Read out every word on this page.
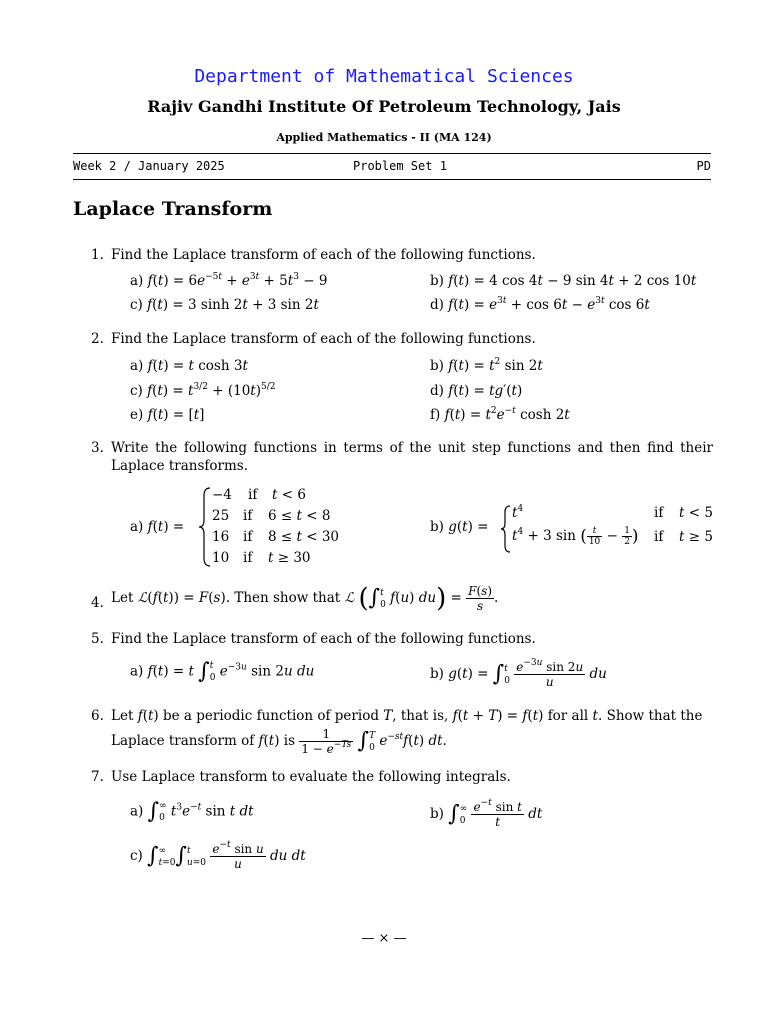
Department of Mathematical Sciences
Rajiv Gandhi Institute Of Petroleum Technology, Jais
Applied Mathematics - II (MA 124)
Week 2 / January 2025	Problem Set 1	PD
Laplace Transform
1. Find the Laplace transform of each of the following functions.
a) $f(t) = 6e^{-5t} + e^{3t} + 5t^3 - 9$	b) f(t) = 4 cos 4t − 9 sin 4t + 2 cos 10t
c) f(t) = 3 sinh 2t + 3 sin 2t	d) $f(t) = e^{3t} + \cos 6t - e^{3t}$ cos 6t
2. Find the Laplace transform of each of the following functions.
a) f(t) = t cosh 3t	b) $f(t) = t^2$ sin 2t
c) $f(t) = t^{3/2} + (10t)^{5/2}$	d) f(t) = tg′(t)
e) f(t) = [t]	f) $f(t) = t^2e^{-t}$ cosh 2t
3. Write the following functions in terms of the unit step functions and then find their Laplace transforms.
a) f(t) =
−4 if t < 6
25 if 6 ≤ t < 8
16 if 8 ≤ t < 30
10 if t ≥ 30
b) g(t) =
$t^4$	if t < 5
$t^4 + 3$ sin ( $\frac{t}{10} - \frac{1}{2}$ ) if t ≥ 5
4. Let ℒ(f(t)) = F(s). Then show that ℒ (∫ t
0 f(u) $du) = \frac{F(s)}{s}$ .
5. Find the Laplace transform of each of the following functions.
a) f(t) = t ∫ t
0 $e^{-3u}$ sin 2u du	b) g(t) = ∫ t
0
$\frac{e^{-3u} \sin 2u}{u}$ du
6. Let f(t) be a periodic function of period T, that is, f(t + T) = f(t) for all t. Show that the
Laplace transform of f(t) is $\frac{1}{1 - e^{-Ts}}$ ∫ T
0 $e^{-st}f(t)$ dt.
7. Use Laplace transform to evaluate the following integrals.
a) ∫ ∞
0 $t^3e^{-t}$ sin t dt	b) ∫ ∞
0
$\frac{e^{-t} \sin t}{t}$ dt
c) ∫ ∞
t=0 ∫ t
u=0
$\frac{e^{-t} \sin u}{u}$ du dt
— × —
